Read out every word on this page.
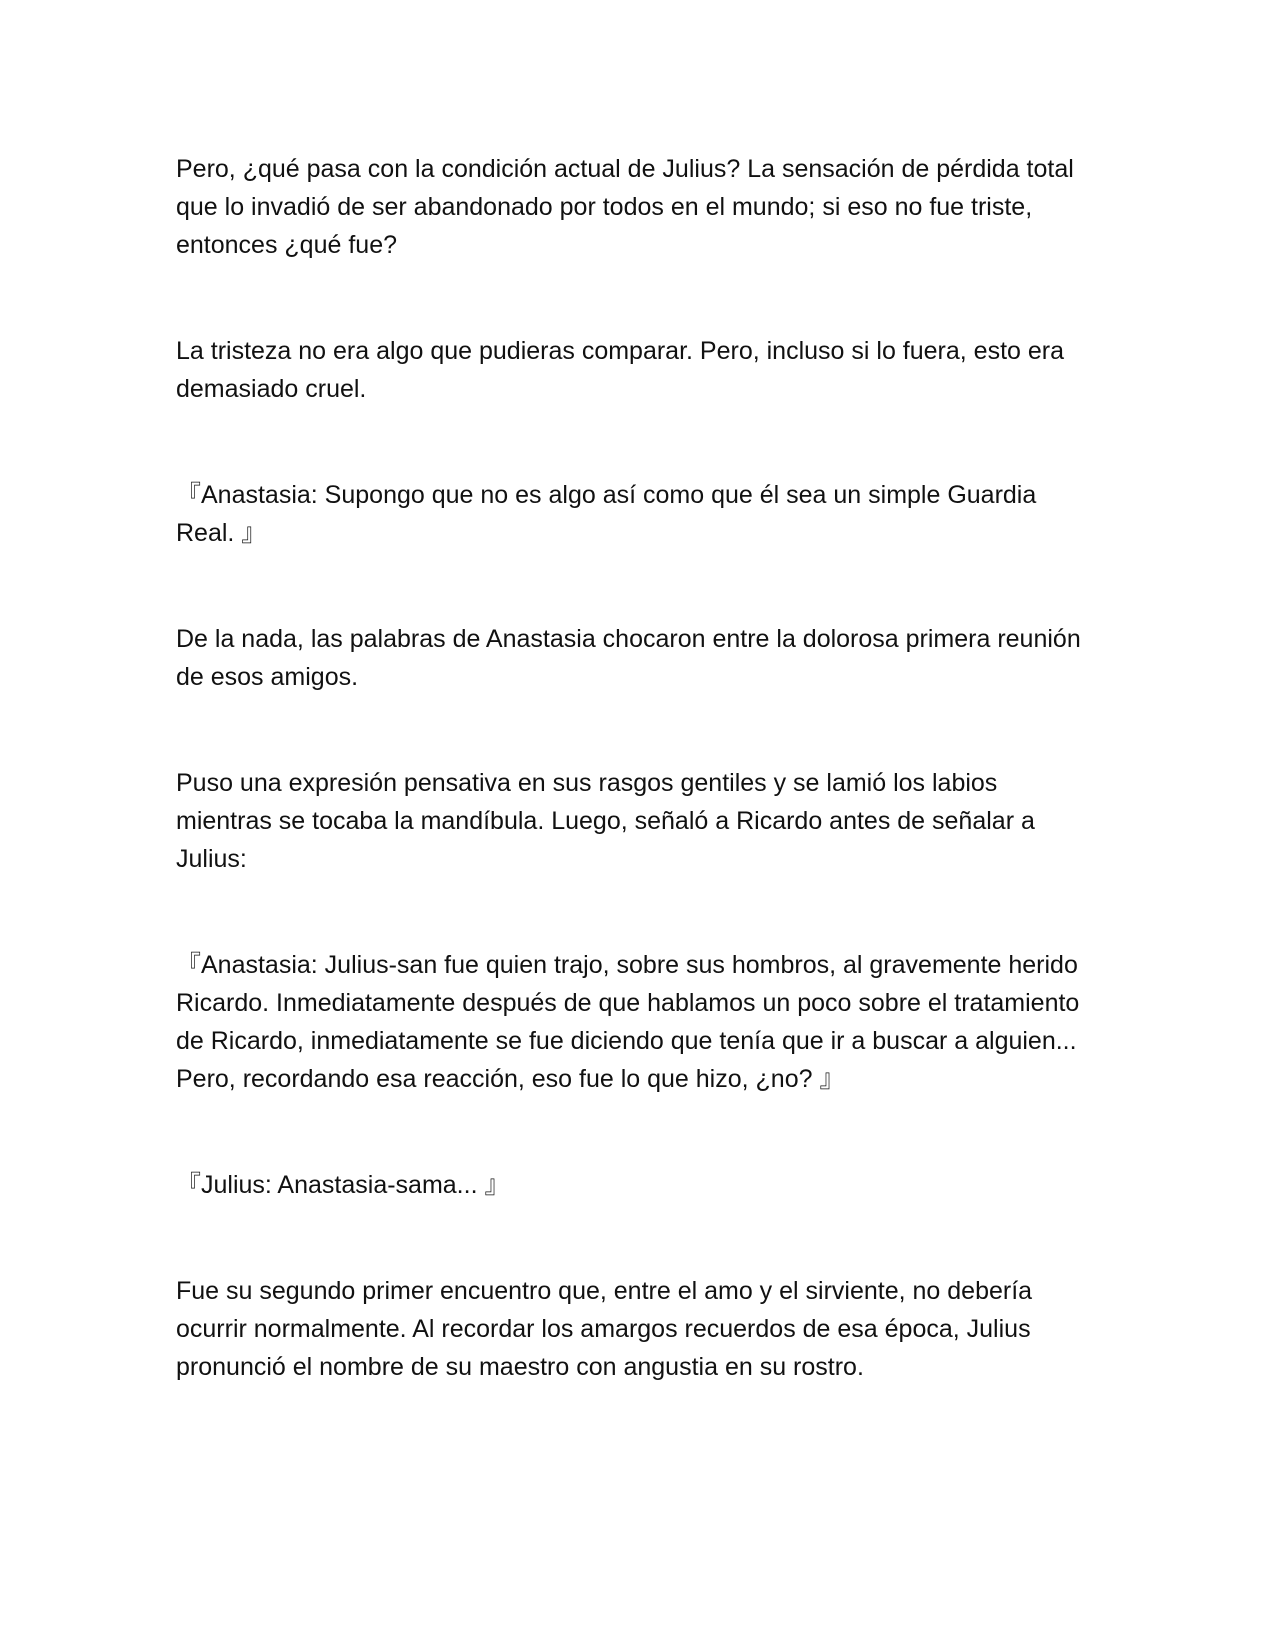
Pero, ¿qué pasa con la condición actual de Julius? La sensación de pérdida total que lo invadió de ser abandonado por todos en el mundo; si eso no fue triste, entonces ¿qué fue?

La tristeza no era algo que pudieras comparar. Pero, incluso si lo fuera, esto era demasiado cruel.

『Anastasia: Supongo que no es algo así como que él sea un simple Guardia Real. 』

De la nada, las palabras de Anastasia chocaron entre la dolorosa primera reunión de esos amigos.

Puso una expresión pensativa en sus rasgos gentiles y se lamió los labios mientras se tocaba la mandíbula. Luego, señaló a Ricardo antes de señalar a Julius:

『Anastasia: Julius-san fue quien trajo, sobre sus hombros, al gravemente herido Ricardo. Inmediatamente después de que hablamos un poco sobre el tratamiento de Ricardo, inmediatamente se fue diciendo que tenía que ir a buscar a alguien... Pero, recordando esa reacción, eso fue lo que hizo, ¿no? 』

『Julius: Anastasia-sama... 』

Fue su segundo primer encuentro que, entre el amo y el sirviente, no debería ocurrir normalmente. Al recordar los amargos recuerdos de esa época, Julius pronunció el nombre de su maestro con angustia en su rostro.
